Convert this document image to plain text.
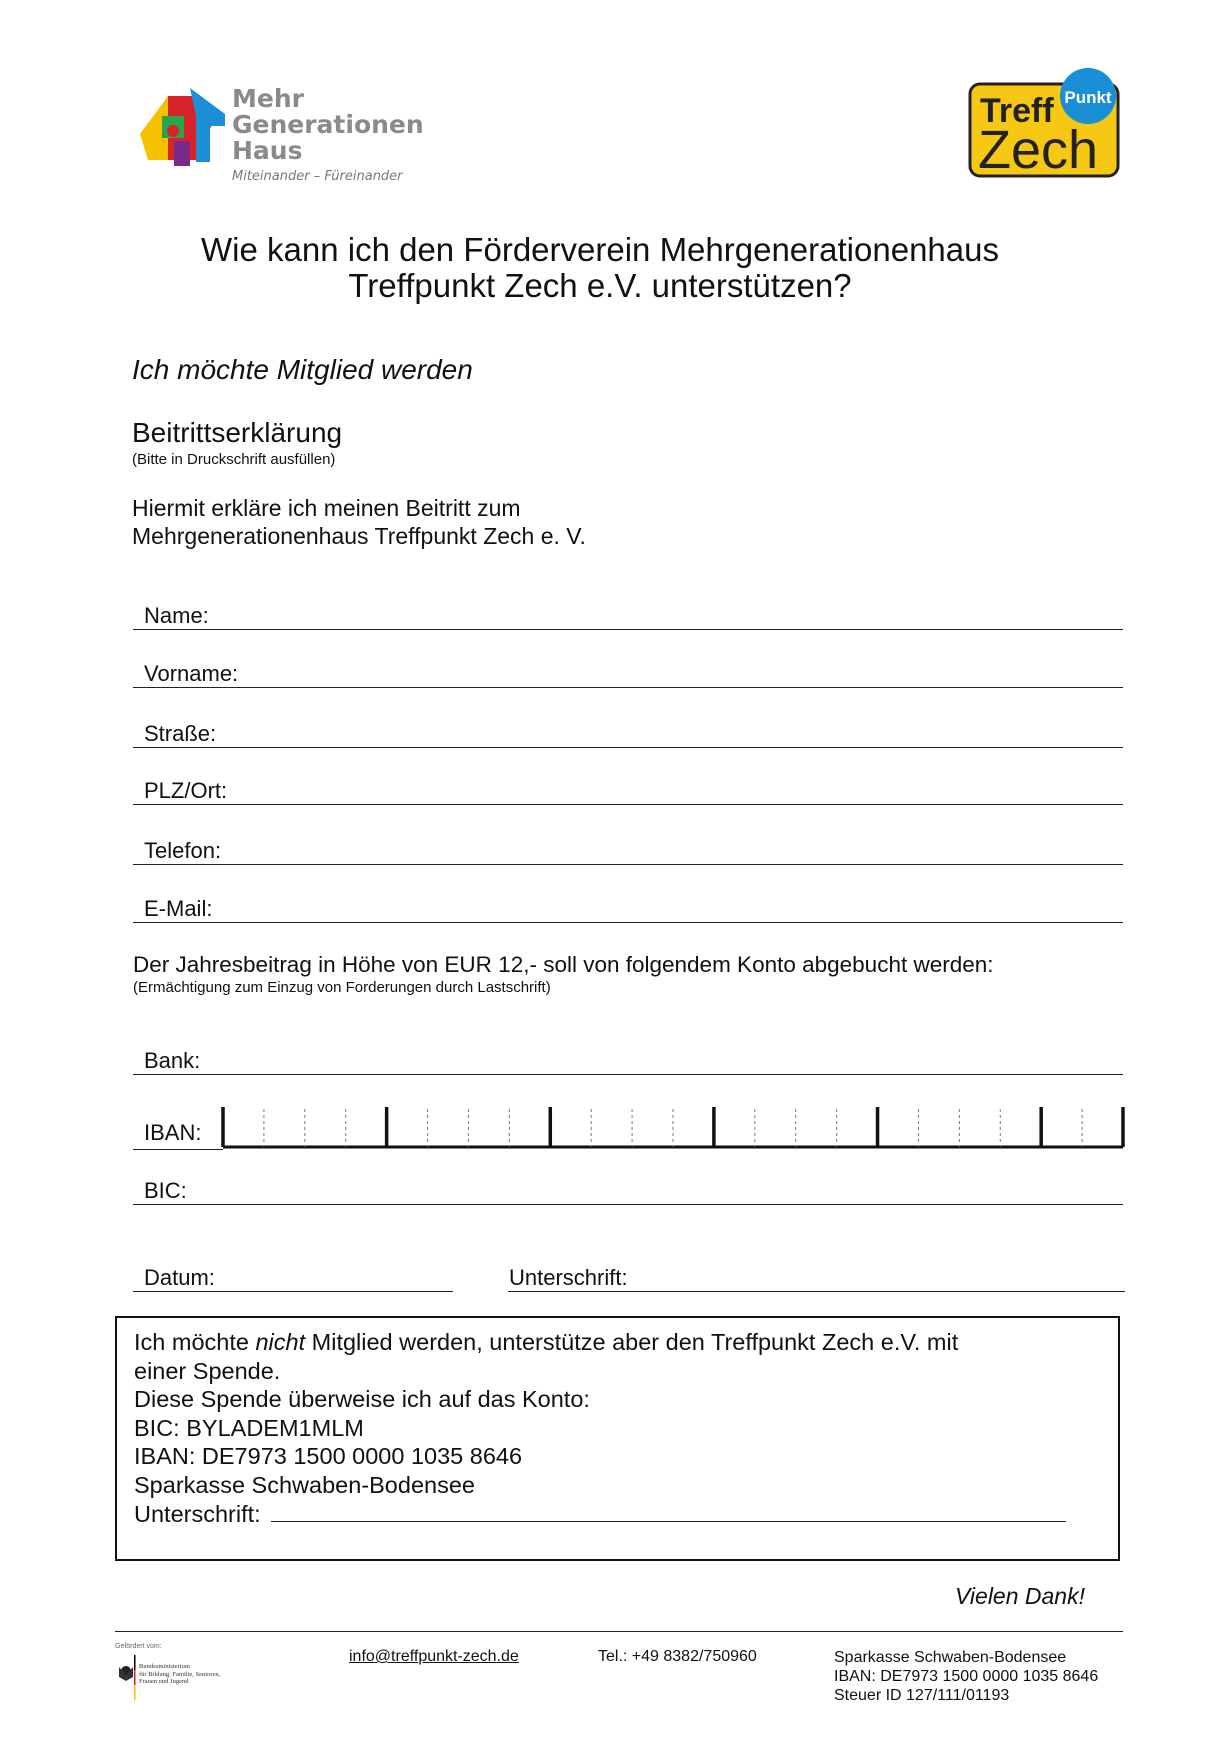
Mehr
Generationen
Haus
Miteinander – Füreinander
Punkt
Treff
Zech
Wie kann ich den Förderverein Mehrgenerationenhaus
Treffpunkt Zech e.V. unterstützen?
Ich möchte Mitglied werden
Beitrittserklärung
(Bitte in Druckschrift ausfüllen)
Hiermit erkläre ich meinen Beitritt zum
Mehrgenerationenhaus Treffpunkt Zech e. V.
Name:
Vorname:
Straße:
PLZ/Ort:
Telefon:
E-Mail:
Der Jahresbeitrag in Höhe von EUR 12,- soll von folgendem Konto abgebucht werden:
(Ermächtigung zum Einzug von Forderungen durch Lastschrift)
Bank:
IBAN:
BIC:
Datum:	Unterschrift:
Ich möchte nicht Mitglied werden, unterstütze aber den Treffpunkt Zech e.V. mit
einer Spende.
Diese Spende überweise ich auf das Konto:
BIC: BYLADEM1MLM
IBAN: DE7973 1500 0000 1035 8646
Sparkasse Schwaben-Bodensee
Unterschrift:
Vielen Dank!
Gefördert vom:
Bundesministerium
für Bildung, Familie, Senioren,
Frauen und Jugend
info@treffpunkt-zech.de	Tel.: +49 8382/750960	Sparkasse Schwaben-Bodensee
IBAN: DE7973 1500 0000 1035 8646
Steuer ID 127/111/01193
